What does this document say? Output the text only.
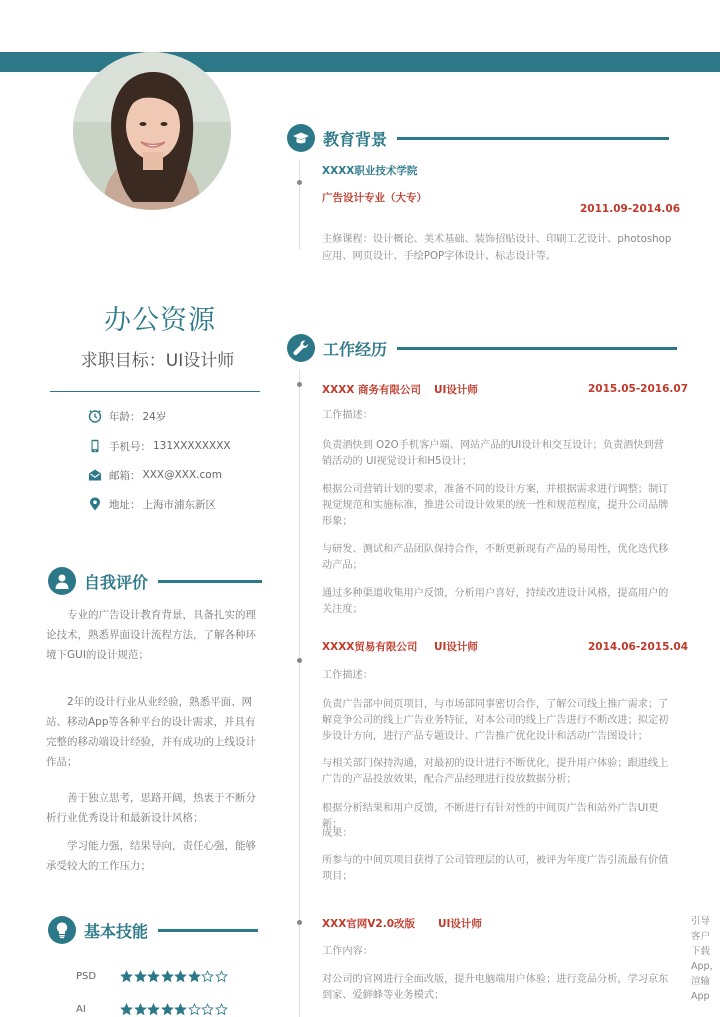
办公资源
求职目标：UI设计师
年龄： 24岁
手机号： 131XXXXXXXX
邮箱： XXX@XXX.com
地址： 上海市浦东新区
自我评价
专业的广告设计教育背景，具备扎实的理论技术，熟悉界面设计流程方法，了解各种环境下GUI的设计规范；
2年的设计行业从业经验，熟悉平面、网站、移动App等各种平台的设计需求，并具有完整的移动端设计经验，并有成功的上线设计作品；
善于独立思考，思路开阔，热衷于不断分析行业优秀设计和最新设计风格；
学习能力强，结果导向，责任心强，能够承受较大的工作压力；
基本技能
PSD
AI
教育背景
XXXX职业技术学院
广告设计专业（大专）
2011.09-2014.06
主修课程：设计概论、美术基础、装饰招贴设计、印刷工艺设计、photoshop应用、网页设计、手绘POP字体设计、标志设计等。
工作经历
XXXX 商务有限公司 UI设计师	2015.05-2016.07
工作描述：
负责酒快到 O2O手机客户端、网站产品的UI设计和交互设计；负责酒快到营销活动的 UI视觉设计和H5设计；
根据公司营销计划的要求，准备不同的设计方案，并根据需求进行调整；制订视觉规范和实施标准，推进公司设计效果的统一性和规范程度，提升公司品牌形象；
与研发、测试和产品团队保持合作，不断更新现有产品的易用性，优化迭代移动产品；
通过多种渠道收集用户反馈，分析用户喜好，持续改进设计风格，提高用户的关注度；
XXXX贸易有限公司 UI设计师	2014.06-2015.04
工作描述：
负责广告部中间页项目，与市场部同事密切合作，了解公司线上推广需求；了解竞争公司的线上广告业务特征，对本公司的线上广告进行不断改进；拟定初步设计方向，进行产品专题设计、广告推广优化设计和活动广告图设计；
与相关部门保持沟通，对最初的设计进行不断优化，提升用户体验；跟进线上广告的产品投放效果，配合产品经理进行投放数据分析；
根据分析结果和用户反馈，不断进行有针对性的中间页广告和站外广告UI更新；
成果：
所参与的中间页项目获得了公司管理层的认可，被评为年度广告引流最有价值项目；
XXX官网V2.0改版 UI设计师
工作内容：
对公司的官网进行全面改版，提升电脑端用户体验；进行竞品分析，学习京东到家、爱鲜蜂等业务模式；
引导客户下载App，渲输App
